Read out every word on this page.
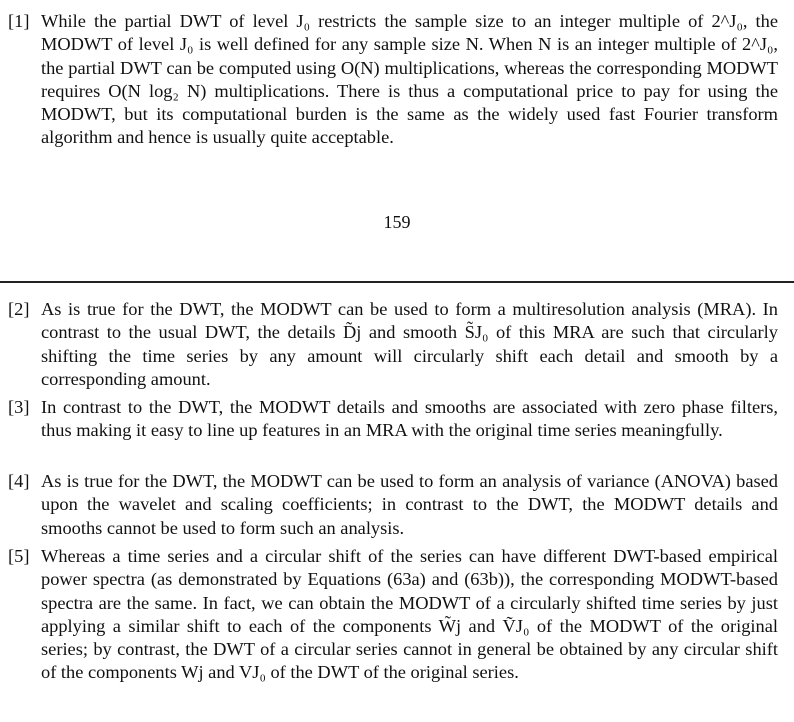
[1] While the partial DWT of level J₀ restricts the sample size to an integer multiple of 2^J₀, the MODWT of level J₀ is well defined for any sample size N. When N is an integer multiple of 2^J₀, the partial DWT can be computed using O(N) multiplications, whereas the corresponding MODWT requires O(N log₂ N) multiplications. There is thus a computational price to pay for using the MODWT, but its computational burden is the same as the widely used fast Fourier transform algorithm and hence is usually quite acceptable.
159
[2] As is true for the DWT, the MODWT can be used to form a multiresolution analysis (MRA). In contrast to the usual DWT, the details D̃j and smooth S̃J₀ of this MRA are such that circularly shifting the time series by any amount will circularly shift each detail and smooth by a corresponding amount.
[3] In contrast to the DWT, the MODWT details and smooths are associated with zero phase filters, thus making it easy to line up features in an MRA with the original time series meaningfully.
[4] As is true for the DWT, the MODWT can be used to form an analysis of variance (ANOVA) based upon the wavelet and scaling coefficients; in contrast to the DWT, the MODWT details and smooths cannot be used to form such an analysis.
[5] Whereas a time series and a circular shift of the series can have different DWT-based empirical power spectra (as demonstrated by Equations (63a) and (63b)), the corresponding MODWT-based spectra are the same. In fact, we can obtain the MODWT of a circularly shifted time series by just applying a similar shift to each of the components W̃j and ṼJ₀ of the MODWT of the original series; by contrast, the DWT of a circular series cannot in general be obtained by any circular shift of the components Wj and VJ₀ of the DWT of the original series.
